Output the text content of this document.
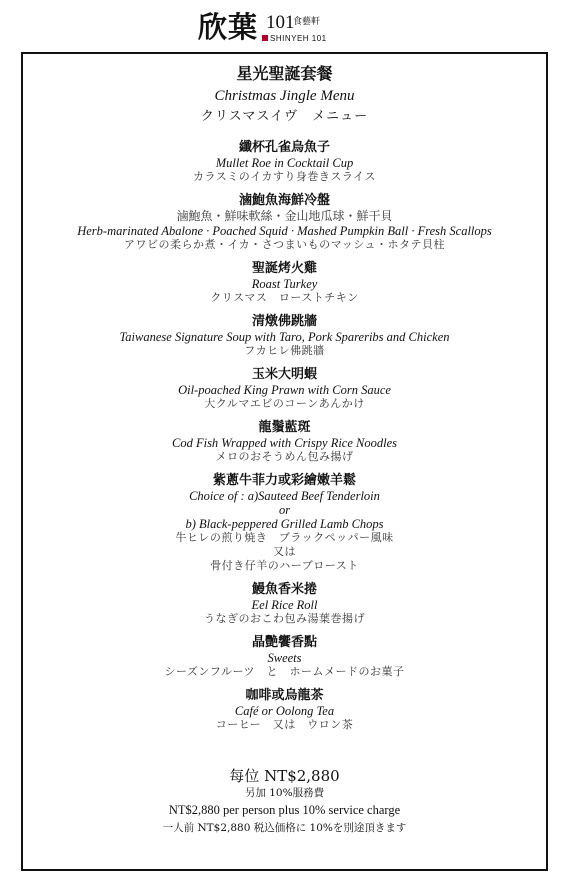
欣葉 101
食藝軒
SHINYEH 101
星光聖誕套餐
Christmas Jingle Menu
クリスマスイヴ　メニュー
纖杯孔雀烏魚子
Mullet Roe in Cocktail Cup
カラスミのイカすり身巻きスライス
滷鮑魚海鮮冷盤
滷鮑魚・鮮味軟絲・金山地瓜球・鮮干貝
Herb-marinated Abalone · Poached Squid · Mashed Pumpkin Ball · Fresh Scallops
アワビの柔らか煮・イカ・さつまいものマッシュ・ホタテ貝柱
聖誕烤火雞
Roast Turkey
クリスマス　ローストチキン
清燉佛跳牆
Taiwanese Signature Soup with Taro, Pork Spareribs and Chicken
フカヒレ佛跳牆
玉米大明蝦
Oil-poached King Prawn with Corn Sauce
大クルマエビのコーンあんかけ
龍鬚藍斑
Cod Fish Wrapped with Crispy Rice Noodles
メロのおそうめん包み揚げ
紫蔥牛菲力或彩繪嫩羊鬆
Choice of : a)Sauteed Beef Tenderloin
or
b) Black-peppered Grilled Lamb Chops
牛ヒレの煎り焼き　ブラックペッパー風味
又は
骨付き仔羊のハーブロースト
鰻魚香米捲
Eel Rice Roll
うなぎのおこわ包み湯葉巻揚げ
晶艷饗香點
Sweets
シーズンフルーツ　と　ホームメードのお菓子
咖啡或烏龍茶
Café or Oolong Tea
コーヒー　又は　ウロン茶
每位 NT$2,880
另加 10%服務費
NT$2,880 per person plus 10% service charge
一人前 NT$2,880 税込価格に 10%を別途頂きます
